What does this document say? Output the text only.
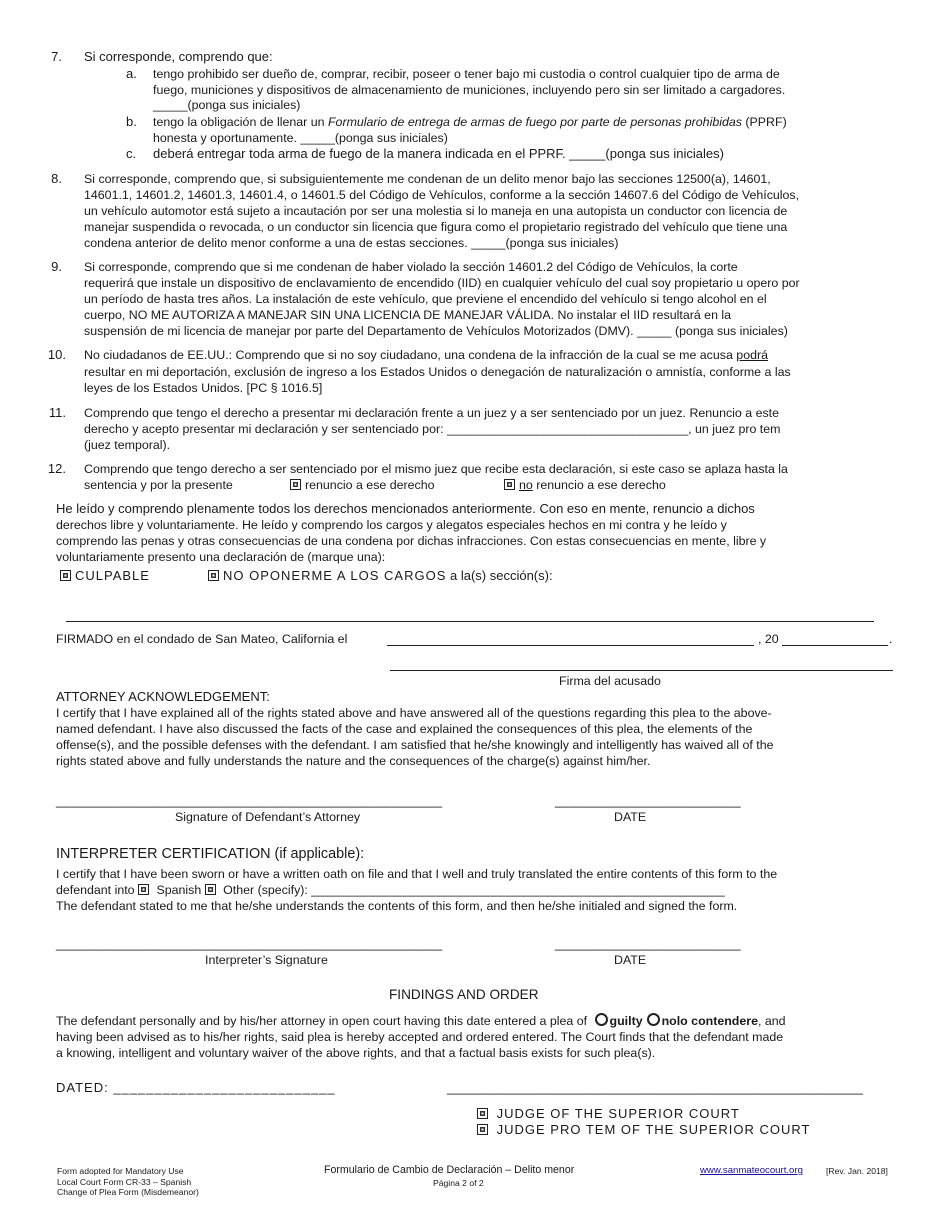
7. Si corresponde, comprendo que:
a. tengo prohibido ser dueño de, comprar, recibir, poseer o tener bajo mi custodia o control cualquier tipo de arma de
fuego, municiones y dispositivos de almacenamiento de municiones, incluyendo pero sin ser limitado a cargadores.
_____(ponga sus iniciales)
b. tengo la obligación de llenar un Formulario de entrega de armas de fuego por parte de personas prohibidas (PPRF)
honesta y oportunamente. _____(ponga sus iniciales)
c. deberá entregar toda arma de fuego de la manera indicada en el PPRF. _____(ponga sus iniciales)
8. Si corresponde, comprendo que, si subsiguientemente me condenan de un delito menor bajo las secciones 12500(a), 14601,
14601.1, 14601.2, 14601.3, 14601.4, o 14601.5 del Código de Vehículos, conforme a la sección 14607.6 del Código de Vehículos,
un vehículo automotor está sujeto a incautación por ser una molestia si lo maneja en una autopista un conductor con licencia de
manejar suspendida o revocada, o un conductor sin licencia que figura como el propietario registrado del vehículo que tiene una
condena anterior de delito menor conforme a una de estas secciones. _____(ponga sus iniciales)
9. Si corresponde, comprendo que si me condenan de haber violado la sección 14601.2 del Código de Vehículos, la corte
requerirá que instale un dispositivo de enclavamiento de encendido (IID) en cualquier vehículo del cual soy propietario u opero por
un período de hasta tres años. La instalación de este vehículo, que previene el encendido del vehículo si tengo alcohol en el
cuerpo, NO ME AUTORIZA A MANEJAR SIN UNA LICENCIA DE MANEJAR VÁLIDA. No instalar el IID resultará en la
suspensión de mi licencia de manejar por parte del Departamento de Vehículos Motorizados (DMV). _____ (ponga sus iniciales)
10. No ciudadanos de EE.UU.: Comprendo que si no soy ciudadano, una condena de la infracción de la cual se me acusa podrá
resultar en mi deportación, exclusión de ingreso a los Estados Unidos o denegación de naturalización o amnistía, conforme a las
leyes de los Estados Unidos. [PC § 1016.5]
11. Comprendo que tengo el derecho a presentar mi declaración frente a un juez y a ser sentenciado por un juez. Renuncio a este
derecho y acepto presentar mi declaración y ser sentenciado por: ___________________________________, un juez pro tem
(juez temporal).
12. Comprendo que tengo derecho a ser sentenciado por el mismo juez que recibe esta declaración, si este caso se aplaza hasta la
sentencia y por la presente	renuncio a ese derecho	no renuncio a ese derecho
He leído y comprendo plenamente todos los derechos mencionados anteriormente. Con eso en mente, renuncio a dichos
derechos libre y voluntariamente. He leído y comprendo los cargos y alegatos especiales hechos en mi contra y he leído y
comprendo las penas y otras consecuencias de una condena por dichas infracciones. Con estas consecuencias en mente, libre y
voluntariamente presento una declaración de (marque una):
CULPABLE	NO OPONERME A LOS CARGOS a la(s) sección(s):
FIRMADO en el condado de San Mateo, California el	, 20	.
Firma del acusado
ATTORNEY ACKNOWLEDGEMENT:
I certify that I have explained all of the rights stated above and have answered all of the questions regarding this plea to the above-
named defendant. I have also discussed the facts of the case and explained the consequences of this plea, the elements of the
offense(s), and the possible defenses with the defendant. I am satisfied that he/she knowingly and intelligently has waived all of the
rights stated above and fully understands the nature and the consequences of the charge(s) against him/her.
____________________________________________________	_________________________
Signature of Defendant’s Attorney	DATE
INTERPRETER CERTIFICATION (if applicable):
I certify that I have been sworn or have a written oath on file and that I well and truly translated the entire contents of this form to the
defendant into Spanish Other (specify): ____________________________________________________________
The defendant stated to me that he/she understands the contents of this form, and then he/she initialed and signed the form.
____________________________________________________	_________________________
Interpreter’s Signature	DATE
FINDINGS AND ORDER
The defendant personally and by his/her attorney in open court having this date entered a plea of guilty nolo contendere, and
having been advised as to his/her rights, said plea is hereby accepted and ordered entered. The Court finds that the defendant made
a knowing, intelligent and voluntary waiver of the above rights, and that a factual basis exists for such plea(s).
DATED: ___________________________	________________________________________________________
JUDGE OF THE SUPERIOR COURT
JUDGE PRO TEM OF THE SUPERIOR COURT
Form adopted for Mandatory Use
Local Court Form CR-33 – Spanish
Change of Plea Form (Misdemeanor)
Formulario de Cambio de Declaración – Delito menor
Página 2 of 2
www.sanmateocourt.org	[Rev. Jan. 2018]
